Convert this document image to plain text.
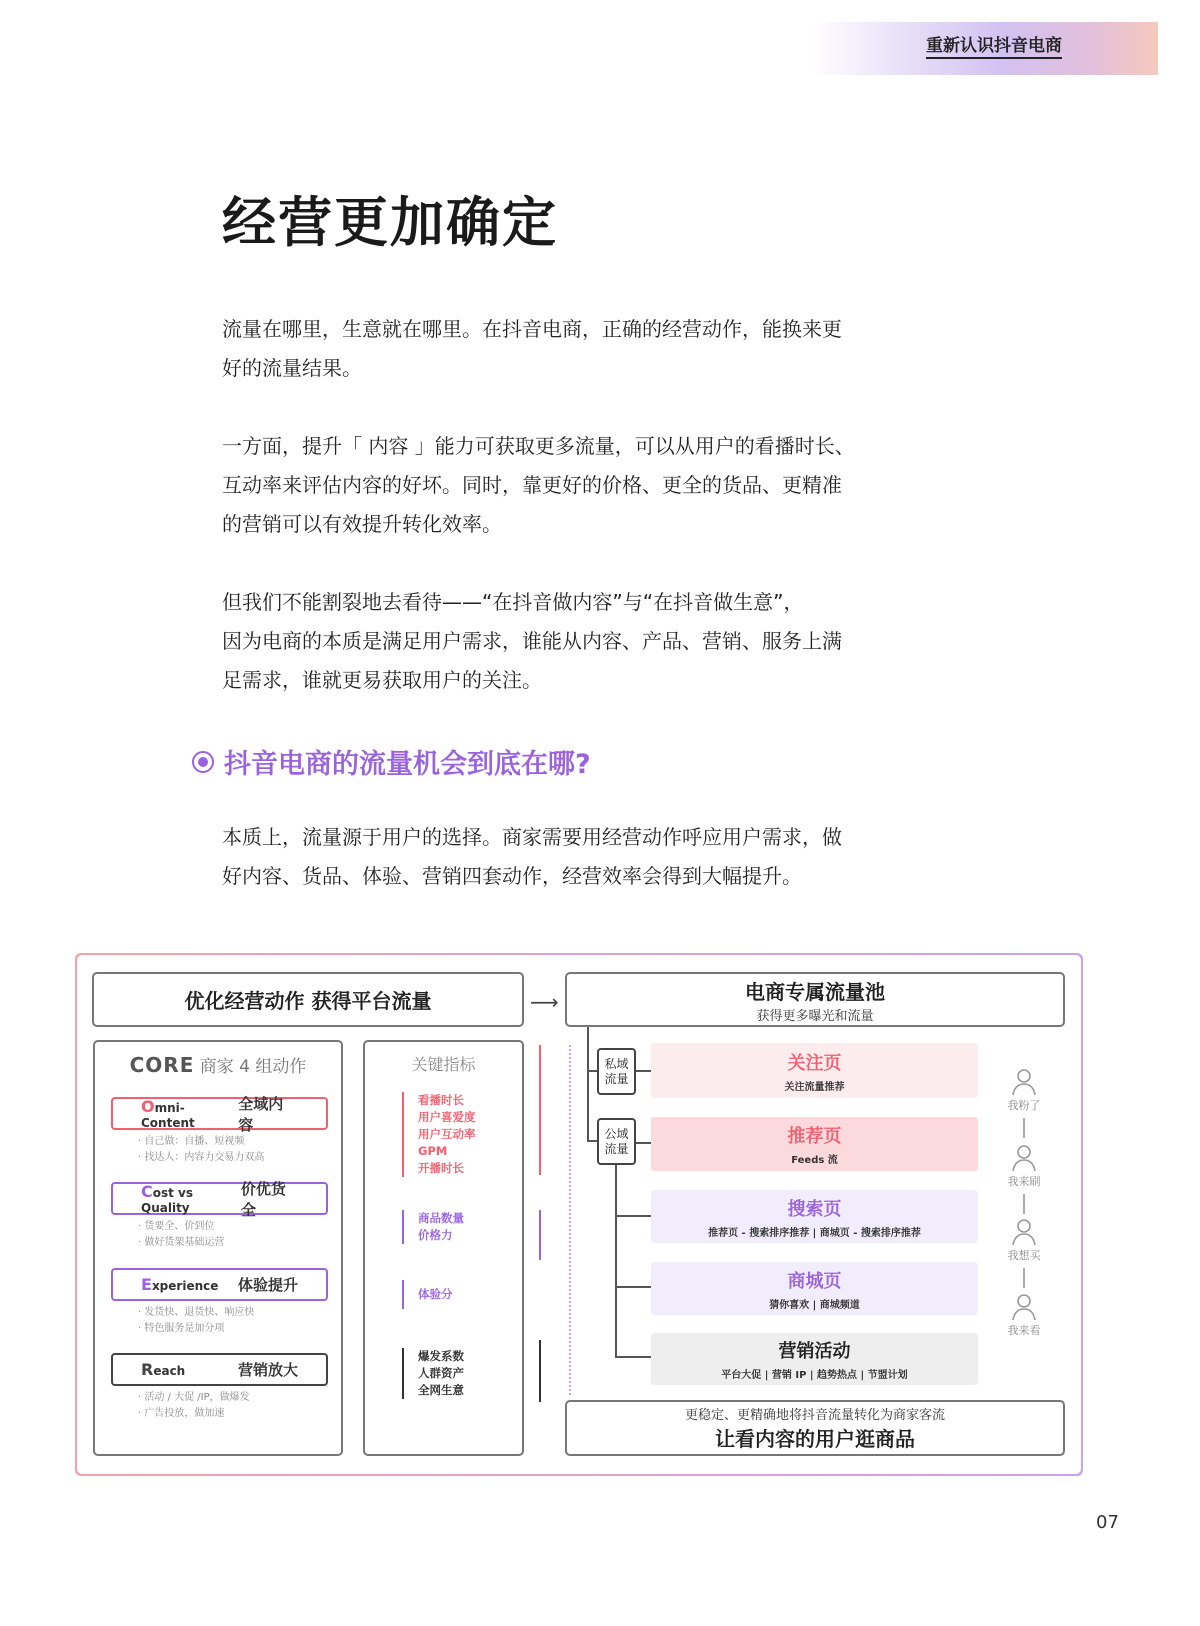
重新认识抖音电商
经营更加确定
流量在哪里，生意就在哪里。在抖音电商，正确的经营动作，能换来更
好的流量结果。
一方面，提升「 内容 」能力可获取更多流量，可以从用户的看播时长、
互动率来评估内容的好坏。同时，靠更好的价格、更全的货品、更精准
的营销可以有效提升转化效率。
但我们不能割裂地去看待——“在抖音做内容”与“在抖音做生意”，
因为电商的本质是满足用户需求，谁能从内容、产品、营销、服务上满
足需求，谁就更易获取用户的关注。
抖音电商的流量机会到底在哪?
本质上，流量源于用户的选择。商家需要用经营动作呼应用户需求，做
好内容、货品、体验、营销四套动作，经营效率会得到大幅提升。
优化经营动作 获得平台流量	⟶	电商专属流量池
获得更多曝光和流量
CORE 商家 4 组动作	关键指标
Omni-Content
全域内容
· 自己做：自播、短视频
· 找达人：内容力交易力双高
Cost vs Quality
价优货全
· 货要全、价到位
· 做好货架基础运营
Experience 体验提升
· 发货快、退货快、响应快
· 特色服务是加分项
Reach	营销放大
· 活动 / 大促 /IP，做爆发
· 广告投放，做加速
看播时长
用户喜爱度
用户互动率
GPM
开播时长
商品数量
价格力
体验分
爆发系数
人群资产
全网生意
私域流量
公域流量
关注页
关注流量推荐
推荐页
Feeds 流
搜索页
推荐页 - 搜索排序推荐 | 商城页 - 搜索排序推荐
商城页
猜你喜欢 | 商城频道
营销活动
平台大促 | 营销 IP | 趋势热点 | 节盟计划
我粉了
我来刷
我想买
我来看
更稳定、更精确地将抖音流量转化为商家客流
让看内容的用户逛商品
07
